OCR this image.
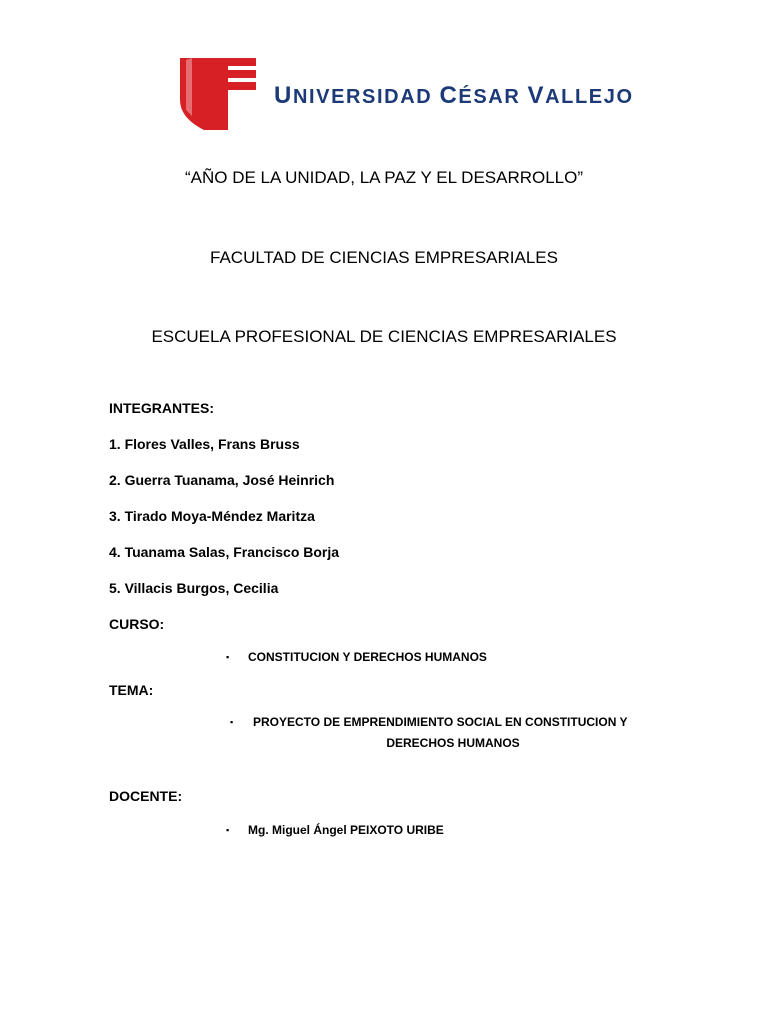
UNIVERSIDAD CÉSAR VALLEJO
“AÑO DE LA UNIDAD, LA PAZ Y EL DESARROLLO”
FACULTAD DE CIENCIAS EMPRESARIALES
ESCUELA PROFESIONAL DE CIENCIAS EMPRESARIALES
INTEGRANTES:
1. Flores Valles, Frans Bruss
2. Guerra Tuanama, José Heinrich
3. Tirado Moya-Méndez Maritza
4. Tuanama Salas, Francisco Borja
5. Villacis Burgos, Cecilia
CURSO:
▪ CONSTITUCION Y DERECHOS HUMANOS
TEMA:
▪ PROYECTO DE EMPRENDIMIENTO SOCIAL EN CONSTITUCION Y
DERECHOS HUMANOS
DOCENTE:
▪ Mg. Miguel Ángel PEIXOTO URIBE
